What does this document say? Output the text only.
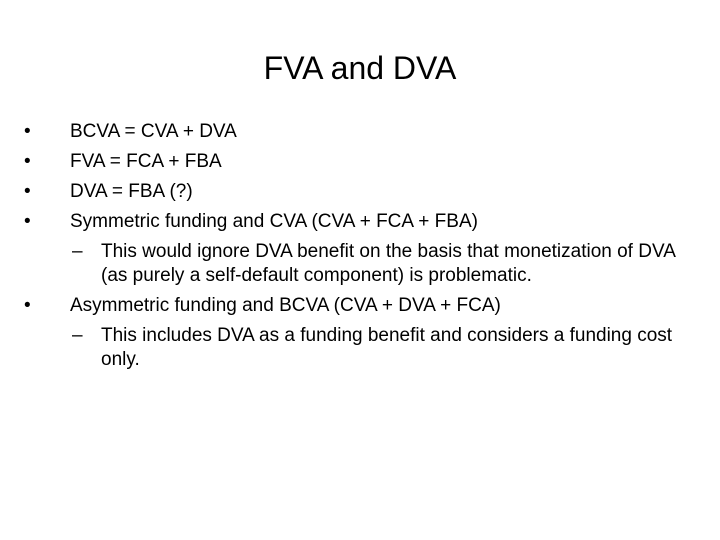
FVA and DVA
• BCVA = CVA + DVA
• FVA = FCA + FBA
• DVA = FBA (?)
• Symmetric funding and CVA (CVA + FCA + FBA)
– This would ignore DVA benefit on the basis that monetization of DVA (as purely a self-default component) is problematic.
• Asymmetric funding and BCVA (CVA + DVA + FCA)
– This includes DVA as a funding benefit and considers a funding cost only.
